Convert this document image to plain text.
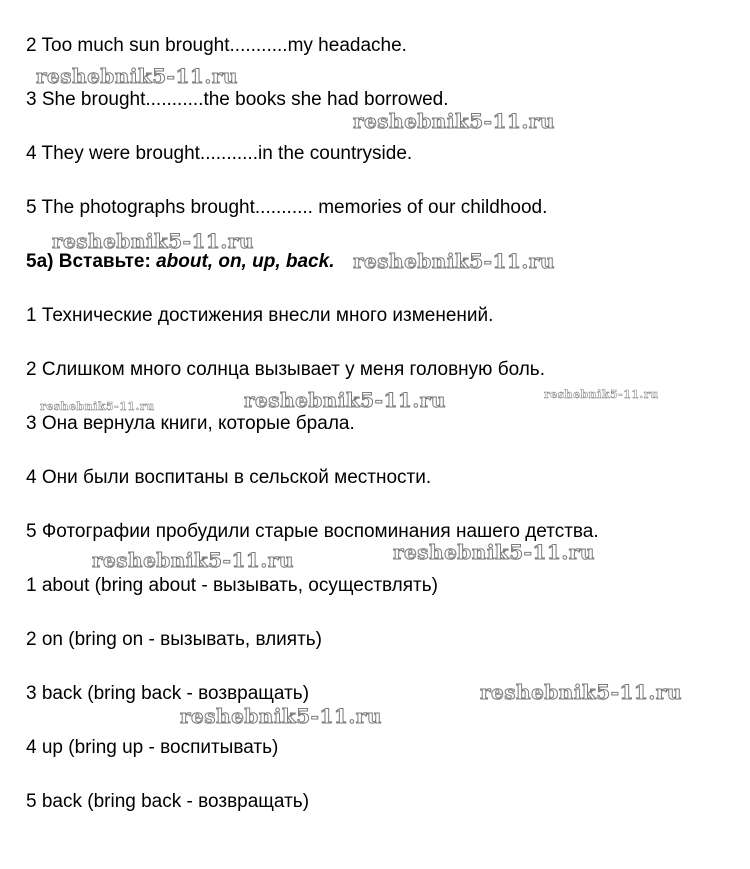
2 Too much sun brought...........my headache.
3 She brought...........the books she had borrowed.
4 They were brought...........in the countryside.
5 The photographs brought........... memories of our childhood.
5а) Вставьте: about, on, up, back.
1 Технические достижения внесли много изменений.
2 Слишком много солнца вызывает у меня головную боль.
3 Она вернула книги, которые брала.
4 Они были воспитаны в сельской местности.
5 Фотографии пробудили старые воспоминания нашего детства.
1 about (bring about - вызывать, осуществлять)
2 on (bring on - вызывать, влиять)
3 back (bring back - возвращать)
4 up (bring up - воспитывать)
5 back (bring back - возвращать)
reshebnik5-11.ru
reshebnik5-11.ru
reshebnik5-11.ru
reshebnik5-11.ru
reshebnik5-11.ru	reshebnik5-11.ru	reshebnik5-11.ru
reshebnik5-11.ru	reshebnik5-11.ru
reshebnik5-11.ru
reshebnik5-11.ru
